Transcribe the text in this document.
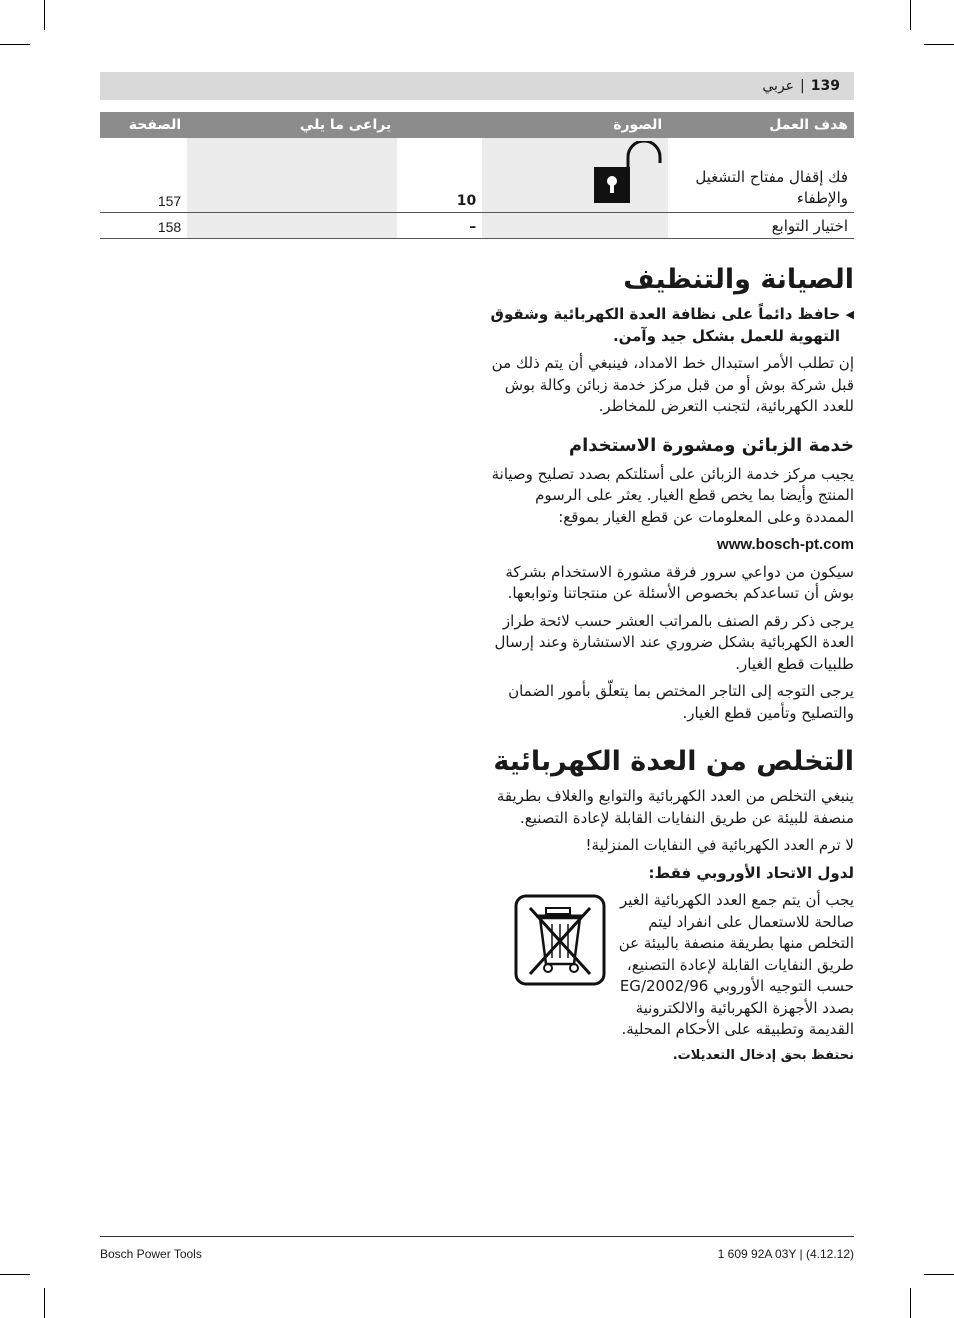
139
|
عربي
هدف العمل	الصورة		يراعى ما يلي	الصفحة
فك إقفال مفتاح التشغيل والإطفاء		10		157
اختيار التوابع		–		158
الصيانة والتنظيف

◀
حافظ دائماً على نظافة العدة الكهربائية وشقوق التهوية للعمل بشكل جيد وآمن.

إن تطلب الأمر استبدال خط الامداد، فينبغي أن يتم ذلك من قبل شركة بوش أو من قبل مركز خدمة زبائن وكالة بوش للعدد الكهربائية، لتجنب التعرض للمخاطر.

خدمة الزبائن ومشورة الاستخدام

يجيب مركز خدمة الزبائن على أسئلتكم بصدد تصليح وصيانة المنتج وأيضا بما يخص قطع الغيار. يعثر على الرسوم الممددة وعلى المعلومات عن قطع الغيار بموقع:

www.bosch-pt.com

سيكون من دواعي سرور فرقة مشورة الاستخدام بشركة بوش أن تساعدكم بخصوص الأسئلة عن منتجاتنا وتوابعها.

يرجى ذكر رقم الصنف بالمراتب العشر حسب لائحة طراز العدة الكهربائية بشكل ضروري عند الاستشارة وعند إرسال طلبيات قطع الغيار.

يرجى التوجه إلى التاجر المختص بما يتعلّق بأمور الضمان والتصليح وتأمين قطع الغيار.

التخلص من العدة الكهربائية

ينبغي التخلص من العدد الكهربائية والتوابع والغلاف بطريقة منصفة للبيئة عن طريق النفايات القابلة لإعادة التصنيع.

لا ترم العدد الكهربائية في النفايات المنزلية!

لدول الاتحاد الأوروبي فقط:

يجب أن يتم جمع العدد الكهربائية الغير صالحة للاستعمال على انفراد ليتم التخلص منها بطريقة منصفة بالبيئة عن طريق النفايات القابلة لإعادة التصنيع، حسب التوجيه الأوروبي 2002/96/EG بصدد الأجهزة الكهربائية والالكترونية القديمة وتطبيقه على الأحكام المحلية.

نحتفظ بحق إدخال التعديلات.

Bosch Power Tools	1 609 92A 03Y | (4.12.12)
